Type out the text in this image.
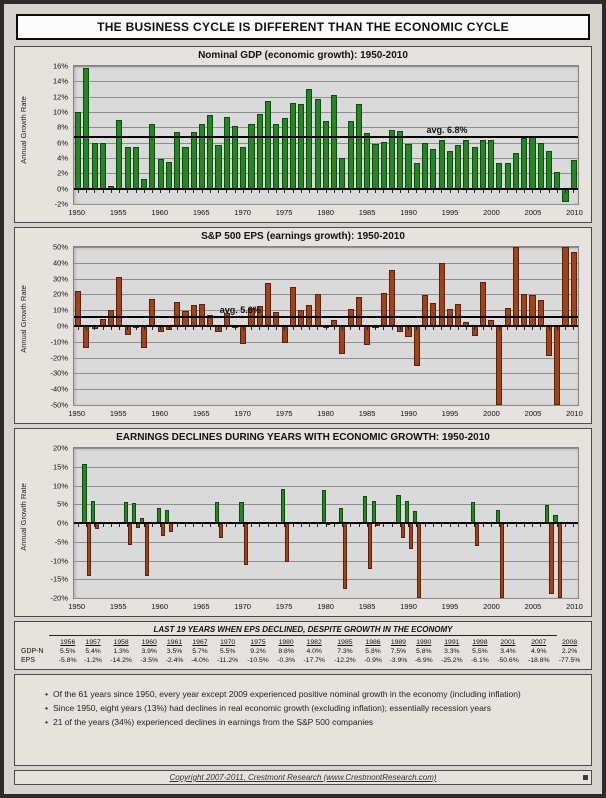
THE BUSINESS CYCLE IS DIFFERENT THAN THE ECONOMIC CYCLE
Nominal GDP (economic growth): 1950-2010
Annual Growth Rate
16%
14%
12%
10%
8%
6%
4%
2%
0%
-2%
avg. 6.8%
1950	1955	1960	1965	1970	1975	1980	1985	1990	1995	2000	2005	2010
S&P 500 EPS (earnings growth): 1950-2010
Annual Growth Rate
50%
40%
30%
20%
10%
0%
-10%
-20%
-30%
-40%
-50%
avg. 5.6%
1950	1955	1960	1965	1970	1975	1980	1985	1990	1995	2000	2005	2010
EARNINGS DECLINES DURING YEARS WITH ECONOMIC GROWTH: 1950-2010
Annual Growth Rate
20%
15%
10%
5%
0%
-5%
-10%
-15%
-20%
1950	1955	1960	1965	1970	1975	1980	1985	1990	1995	2000	2005	2010
LAST 19 YEARS WHEN EPS DECLINED, DESPITE GROWTH IN THE ECONOMY
	1956	1957	1958	1960	1961	1967	1970	1975	1980	1982	1985	1986	1989	1990	1991	1998	2001	2007	2008
GDP-N	5.5%	5.4%	1.3%	3.9%	3.5%	5.7%	5.5%	9.2%	8.8%	4.0%	7.3%	5.8%	7.5%	5.8%	3.3%	5.5%	3.4%	4.9%	2.2%
EPS	-5.8%	-1.2%	-14.2%	-3.5%	-2.4%	-4.0%	-11.2%	-10.5%	-0.3%	-17.7%	-12.2%	-0.9%	-3.9%	-6.9%	-25.2%	-6.1%	-50.6%	-18.8%	-77.5%
• Of the 61 years since 1950, every year except 2009 experienced positive nominal growth in the economy (including inflation)
• Since 1950, eight years (13%) had declines in real economic growth (excluding inflation); essentially recession years
• 21 of the years (34%) experienced declines in earnings from the S&P 500 companies
Copyright 2007-2011, Crestmont Research (www.CrestmontResearch.com)
